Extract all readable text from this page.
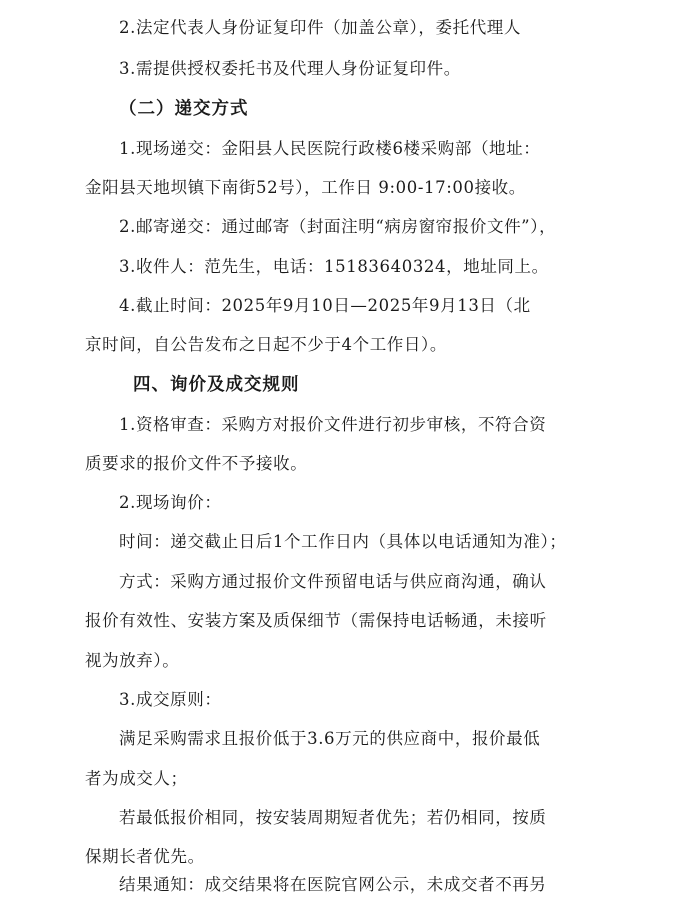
2.法定代表人身份证复印件（加盖公章），委托代理人
3.需提供授权委托书及代理人身份证复印件。
（二）递交方式
1.现场递交：金阳县人民医院行政楼6楼采购部（地址：
金阳县天地坝镇下南街52号），工作日 9:00-17:00接收。
2.邮寄递交：通过邮寄（封面注明“病房窗帘报价文件”），
3.收件人：范先生，电话：15183640324，地址同上。
4.截止时间：2025年9月10日—2025年9月13日（北
京时间，自公告发布之日起不少于4个工作日）。
四、询价及成交规则
1.资格审查：采购方对报价文件进行初步审核，不符合资
质要求的报价文件不予接收。
2.现场询价：
时间：递交截止日后1个工作日内（具体以电话通知为准）；
方式：采购方通过报价文件预留电话与供应商沟通，确认
报价有效性、安装方案及质保细节（需保持电话畅通，未接听
视为放弃）。
3.成交原则：
满足采购需求且报价低于3.6万元的供应商中，报价最低
者为成交人；
若最低报价相同，按安装周期短者优先；若仍相同，按质
保期长者优先。
结果通知：成交结果将在医院官网公示，未成交者不再另
